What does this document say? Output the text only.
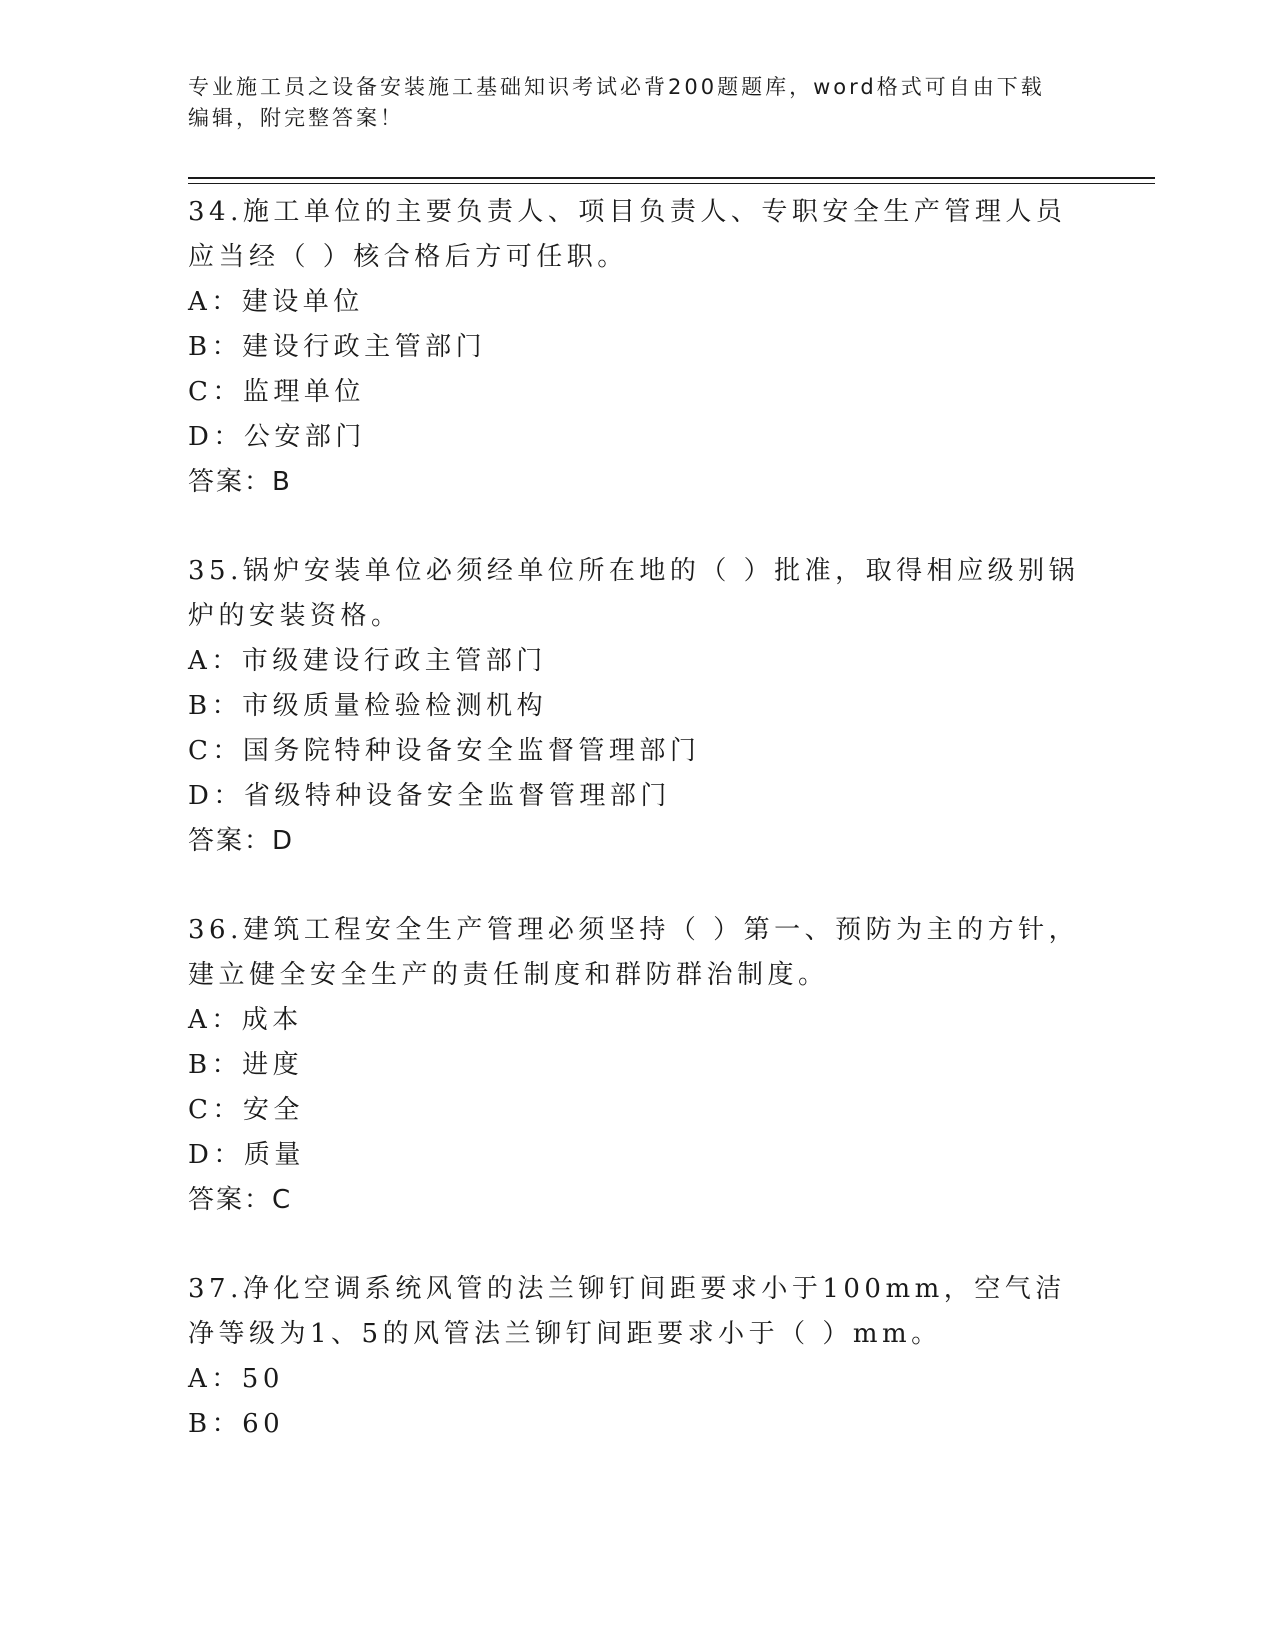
专业施工员之设备安装施工基础知识考试必背200题题库，word格式可自由下载编辑，附完整答案！
34.施工单位的主要负责人、项目负责人、专职安全生产管理人员应当经（ ）核合格后方可任职。
A：建设单位
B：建设行政主管部门
C：监理单位
D：公安部门
答案：B
35.锅炉安装单位必须经单位所在地的（ ）批准，取得相应级别锅炉的安装资格。
A：市级建设行政主管部门
B：市级质量检验检测机构
C：国务院特种设备安全监督管理部门
D：省级特种设备安全监督管理部门
答案：D
36.建筑工程安全生产管理必须坚持（ ）第一、预防为主的方针，建立健全安全生产的责任制度和群防群治制度。
A：成本
B：进度
C：安全
D：质量
答案：C
37.净化空调系统风管的法兰铆钉间距要求小于100mm，空气洁净等级为1、5的风管法兰铆钉间距要求小于（ ）mm。
A：50
B：60
